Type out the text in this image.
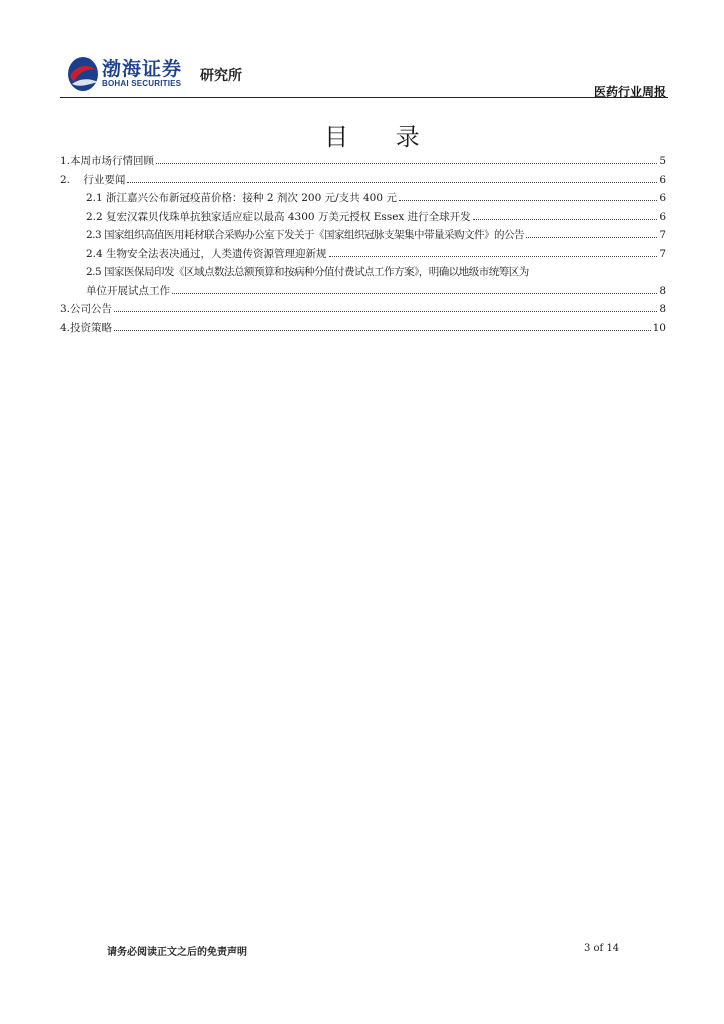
渤海证券
BOHAI SECURITIES 研究所
医药行业周报
目 录
1.本周市场行情回顾	5
2.    行业要闻	6
2.1 浙江嘉兴公布新冠疫苗价格：接种 2 剂次 200 元/支共 400 元	6
2.2 复宏汉霖贝伐珠单抗独家适应症以最高 4300 万美元授权 Essex 进行全球开发	6
2.3 国家组织高值医用耗材联合采购办公室下发关于《国家组织冠脉支架集中带量采购文件》的公告	7
2.4 生物安全法表决通过，人类遗传资源管理迎新规	7
2.5 国家医保局印发《区域点数法总额预算和按病种分值付费试点工作方案》，明确以地级市统筹区为
单位开展试点工作	8
3.公司公告	8
4.投资策略	10
请务必阅读正文之后的免责声明	3 of 14
